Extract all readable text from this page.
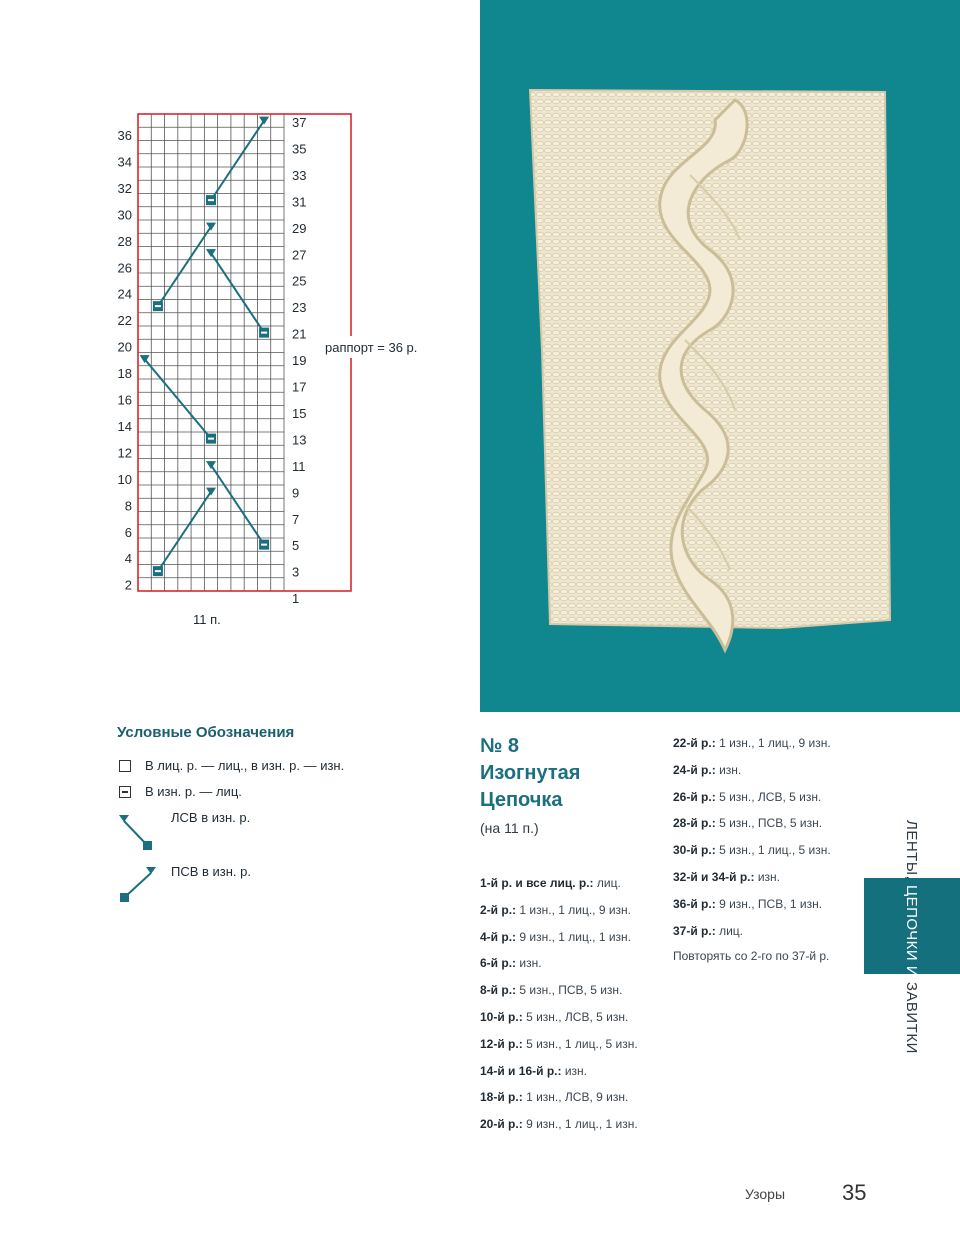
36
34
32
30
28
26
24
22
20
18
16
14
12
10
8
6
4
2
37
35
33
31
29
27
25
23
21
19
17
15
13
11
9
7
5
3
1
11 п.
раппорт = 36 р.

Условные Обозначения

В лиц. р. — лиц., в изн. р. — изн.
В изн. р. — лиц.
ЛСВ в изн. р.
ПСВ в изн. р.
№ 8
Изогнутая
Цепочка
(на 11 п.)
1-й р. и все лиц. р.: лиц.
2-й р.: 1 изн., 1 лиц., 9 изн.
4-й р.: 9 изн., 1 лиц., 1 изн.
6-й р.: изн.
8-й р.: 5 изн., ПСВ, 5 изн.
10-й р.: 5 изн., ЛСВ, 5 изн.
12-й р.: 5 изн., 1 лиц., 5 изн.
14-й и 16-й р.: изн.
18-й р.: 1 изн., ЛСВ, 9 изн.
20-й р.: 9 изн., 1 лиц., 1 изн.
22-й р.: 1 изн., 1 лиц., 9 изн.
24-й р.: изн.
26-й р.: 5 изн., ЛСВ, 5 изн.
28-й р.: 5 изн., ПСВ, 5 изн.
30-й р.: 5 изн., 1 лиц., 5 изн.
32-й и 34-й р.: изн.
36-й р.: 9 изн., ПСВ, 1 изн.
37-й р.: лиц.
Повторять со 2-го по 37-й р.
ЛЕНТЫ, ЦЕПОЧКИ И ЗАВИТКИ
Узоры	35
